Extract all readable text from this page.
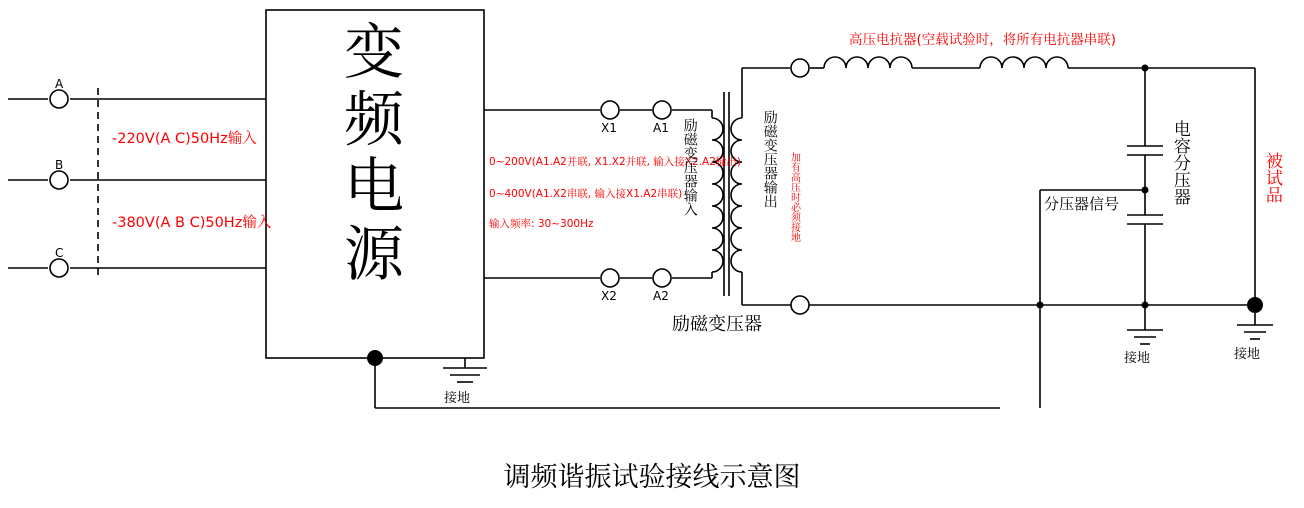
变频电源
A
B
C
-220V(A C)50Hz输入
-380V(A B C)50Hz输入
0~200V(A1.A2并联, X1.X2并联, 输入接X2.A2输出)
0~400V(A1.X2串联, 输入接X1.A2串联)
输入频率: 30~300Hz
X1	A1
X2	A2
励磁变压器输入	励磁变压器输出 加有高压时必须接地
励磁变压器
高压电抗器(空载试验时，将所有电抗器串联)
分压器信号	电容分压器	被试品
接地
接地	接地
调频谐振试验接线示意图
